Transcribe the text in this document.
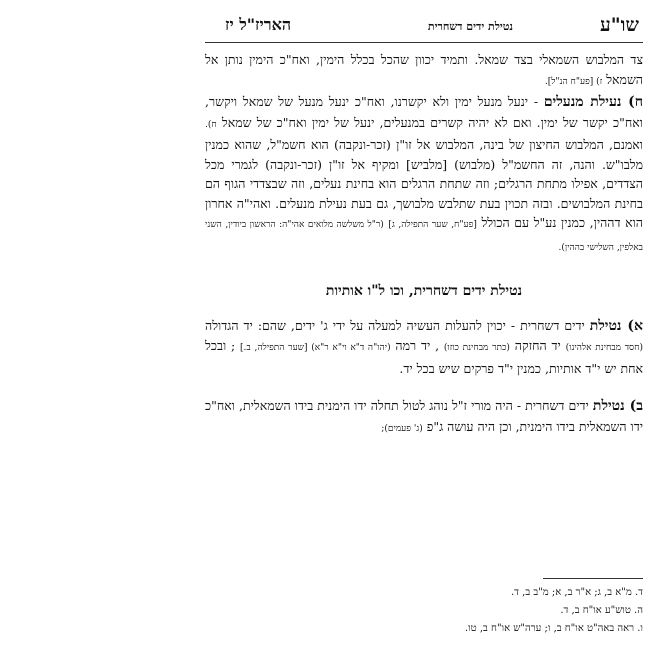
שו"ע
נטילת ידים דשחרית
האריז"ל יז

צד המלבוש השמאלי בצד שמאל. ותמיד יכוון שהכל בכלל הימין, ואח"כ הימין נותן אל השמאל ז) [פע"ח הנ"ל].

ח) נעילת מנעלים - ינעל מנעל ימין ולא יקשרנו, ואח"כ ינעל מנעל של שמאל ויקשר, ואח"כ יקשר של ימין. ואם לא יהיה קשרים במנעלים, ינעל של ימין ואח"כ של שמאל ח). ואמנם, המלבוש החיצון של בינה, המלבוש אל זו"ן (זכר-ונקבה) הוא חשמ"ל, שהוא כמנין מלבו"ש. והנה, זה החשמ"ל (מלבוש) [מלביש] ומקיף אל זו"ן (זכר-ונקבה) לגמרי מכל הצדדים, אפילו מתחת הרגלים; וזה שתחת הרגלים הוא בחינת נעלים, וזה שבצדדי הגוף הם בחינת המלבושים. ובזה תכוין בעת שתלבש מלבושך, גם בעת נעילת מנעלים. ואהי"ה אחרון הוא דההין, כמנין נע"ל עם הכולל [פע"ח, שער התפילה, ג] (ר"ל משלשה מלואים אהי"ה: הראשון ביודין, השני באלפין, השלישי בההין).

נטילת ידים דשחרית, וכו ל"ו אותיות

א) נטילת ידים דשחרית - יכוין להעלות העשיה למעלה על ידי ג' ידים, שהם: יד הגדולה (חסד מבחינת אלהינו) יד החזקה (כתר מבחינת כוזו) , יד רמה (יהו"ה ד"א וי"א ר"א) [שער התפילה, ב.] ; ובכל אחת יש י"ד אותיות, כמנין י"ד פרקים שיש בכל יד.

ב) נטילת ידים דשחרית - היה מורי ז"ל נוהג לטול תחלה ידו הימנית בידו השמאלית, ואח"כ ידו השמאלית בידו הימנית, וכן היה עושה ג"פ (ג' פעמים);

ד. מ"א ב, ג; א"ר ב, א; מ"ב ב, ד.
ה. טוש"ע או"ח ב, ד.
ו. ראה באה"ט או"ח ב, ו; ערה"ש או"ח ב, טו.
